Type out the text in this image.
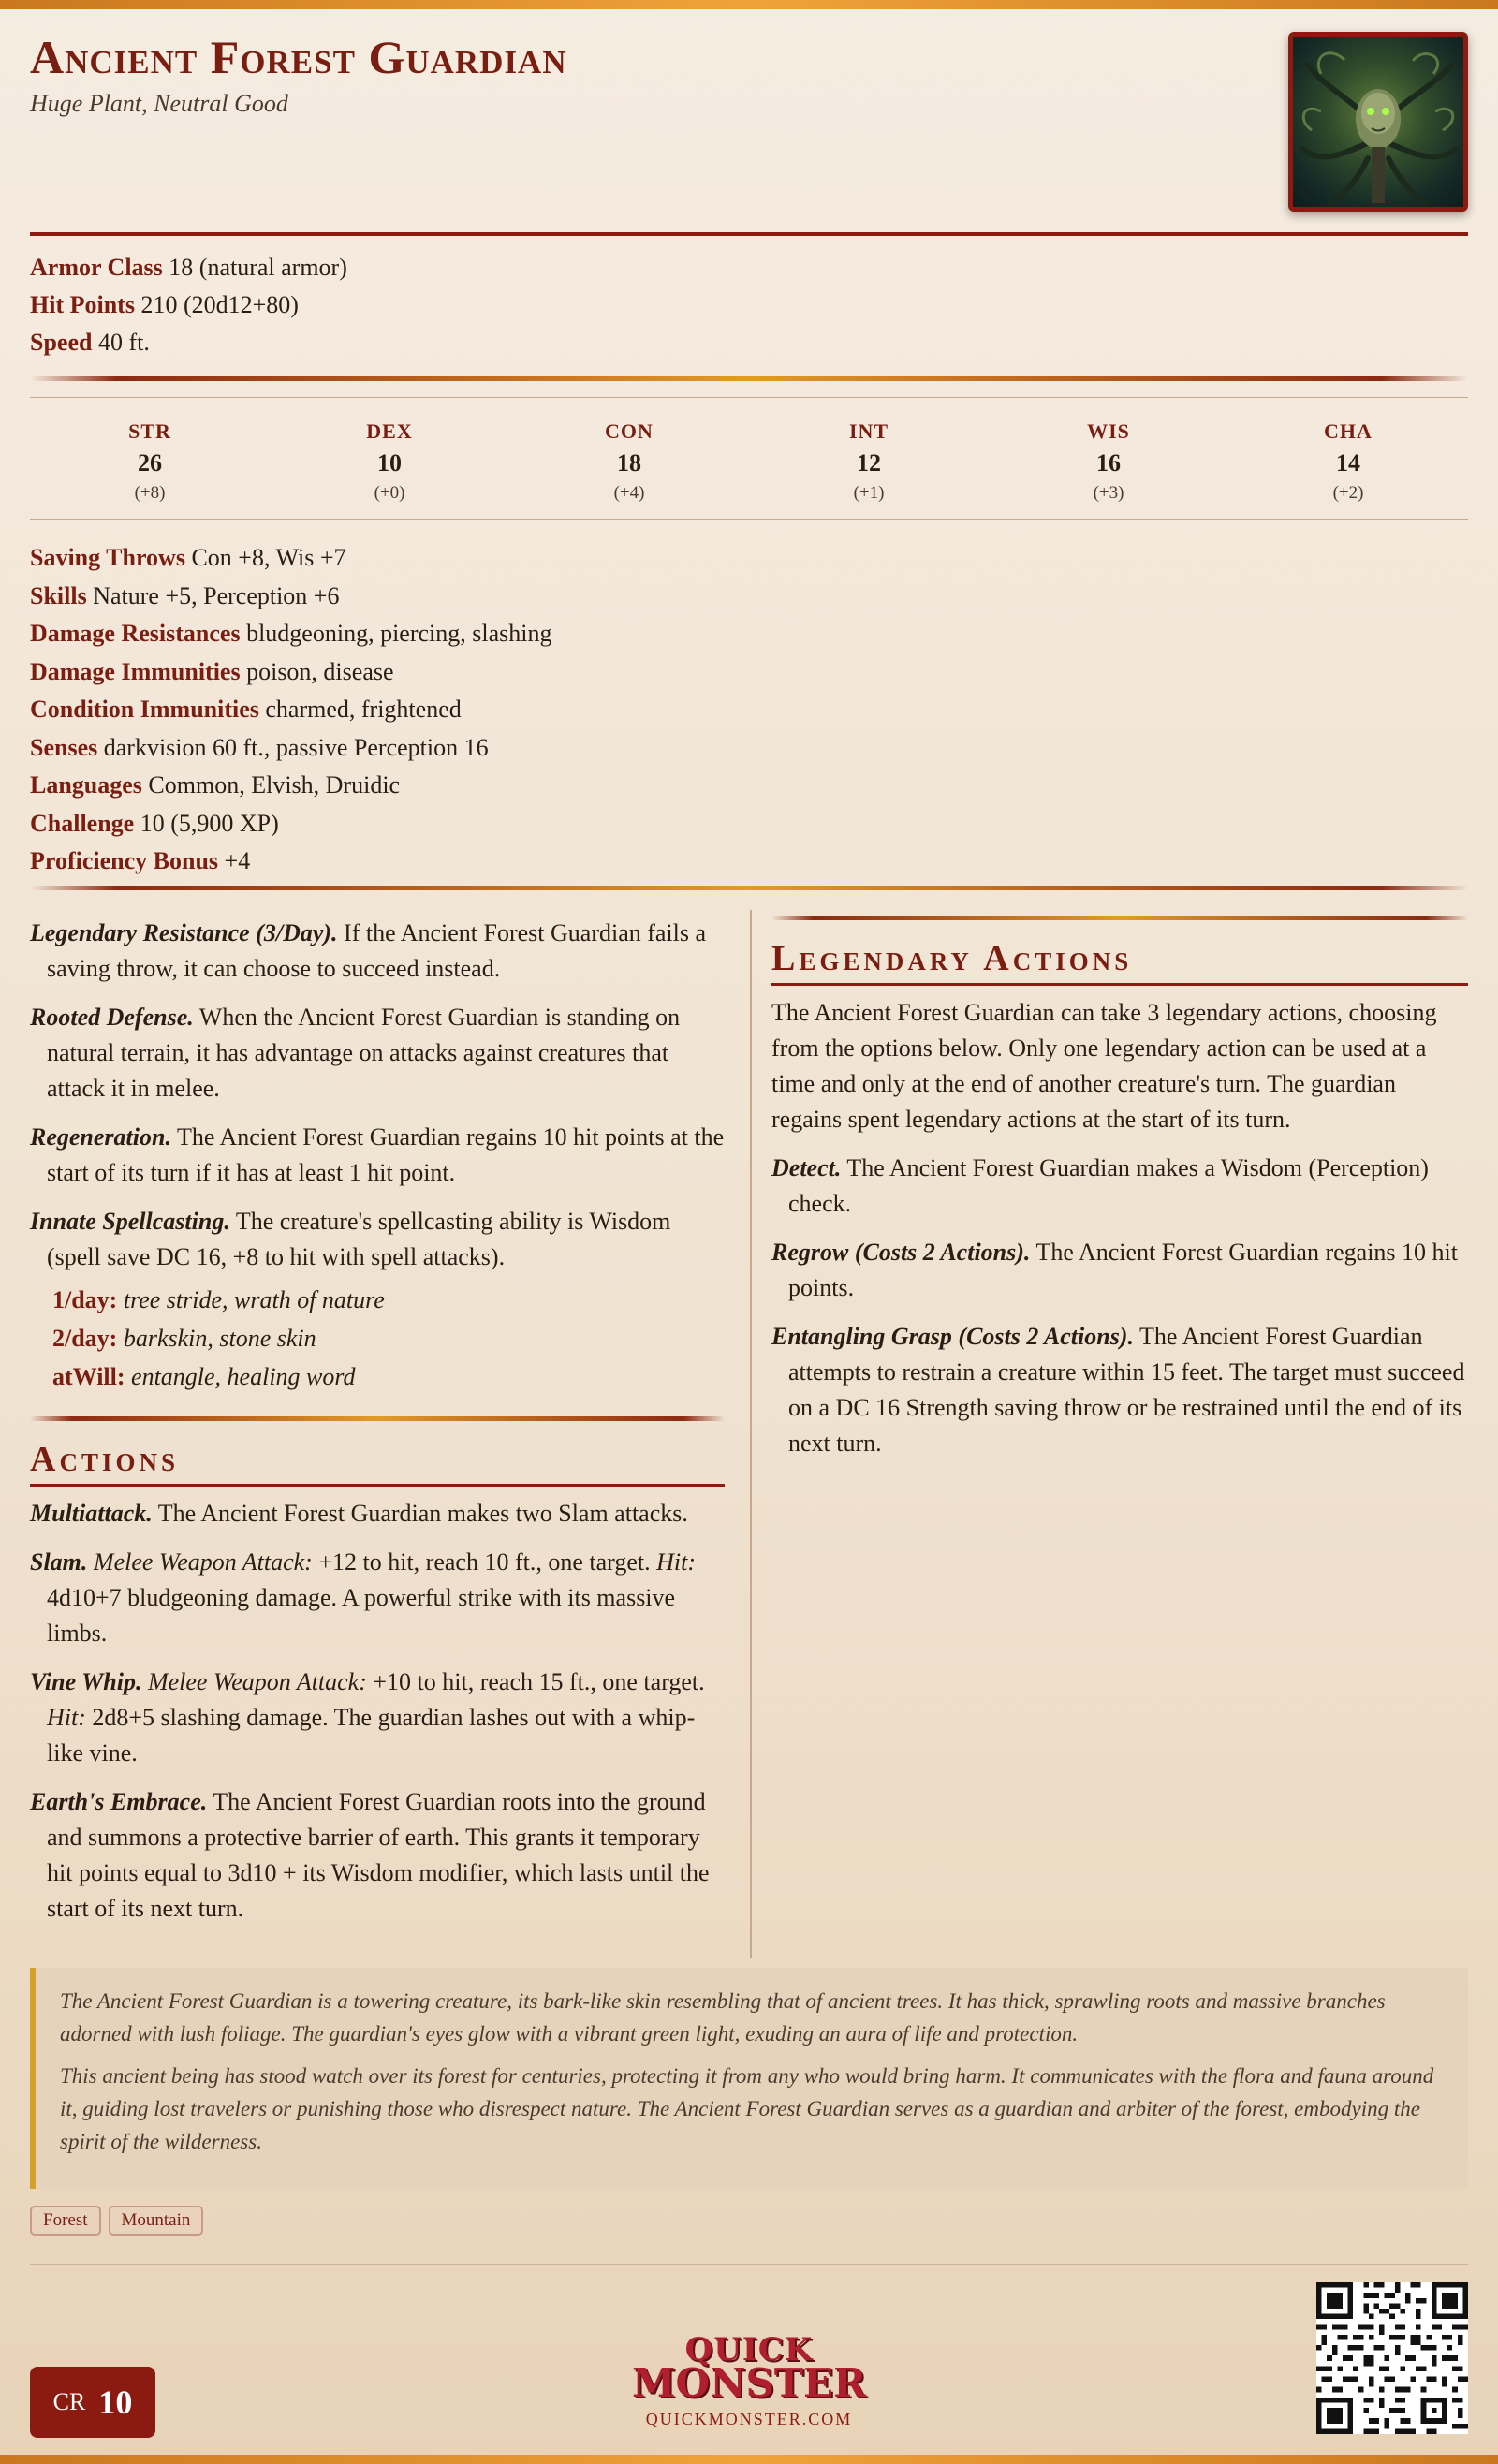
Ancient Forest Guardian
Huge Plant, Neutral Good
Armor Class 18 (natural armor)
Hit Points 210 (20d12+80)
Speed 40 ft.
STR
26
(+8)
DEX
10
(+0)
CON
18
(+4)
INT
12
(+1)
WIS
16
(+3)
CHA
14
(+2)
Saving Throws Con +8, Wis +7
Skills Nature +5, Perception +6
Damage Resistances bludgeoning, piercing, slashing
Damage Immunities poison, disease
Condition Immunities charmed, frightened
Senses darkvision 60 ft., passive Perception 16
Languages Common, Elvish, Druidic
Challenge 10 (5,900 XP)
Proficiency Bonus +4

Legendary Resistance (3/Day). If the Ancient Forest Guardian fails a saving throw, it can choose to succeed instead.

Rooted Defense. When the Ancient Forest Guardian is standing on natural terrain, it has advantage on attacks against creatures that attack it in melee.

Regeneration. The Ancient Forest Guardian regains 10 hit points at the start of its turn if it has at least 1 hit point.

Innate Spellcasting. The creature's spellcasting ability is Wisdom (spell save DC 16, +8 to hit with spell attacks).

1/day: tree stride, wrath of nature
2/day: barkskin, stone skin
atWill: entangle, healing word
Actions

Multiattack. The Ancient Forest Guardian makes two Slam attacks.

Slam. Melee Weapon Attack: +12 to hit, reach 10 ft., one target. Hit: 4d10+7 bludgeoning damage. A powerful strike with its massive limbs.

Vine Whip. Melee Weapon Attack: +10 to hit, reach 15 ft., one target. Hit: 2d8+5 slashing damage. The guardian lashes out with a whip-like vine.

Earth's Embrace. The Ancient Forest Guardian roots into the ground and summons a protective barrier of earth. This grants it temporary hit points equal to 3d10 + its Wisdom modifier, which lasts until the start of its next turn.

Legendary Actions

The Ancient Forest Guardian can take 3 legendary actions, choosing from the options below. Only one legendary action can be used at a time and only at the end of another creature's turn. The guardian regains spent legendary actions at the start of its turn.

Detect. The Ancient Forest Guardian makes a Wisdom (Perception) check.

Regrow (Costs 2 Actions). The Ancient Forest Guardian regains 10 hit points.

Entangling Grasp (Costs 2 Actions). The Ancient Forest Guardian attempts to restrain a creature within 15 feet. The target must succeed on a DC 16 Strength saving throw or be restrained until the end of its next turn.

The Ancient Forest Guardian is a towering creature, its bark-like skin resembling that of ancient trees. It has thick, sprawling roots and massive branches adorned with lush foliage. The guardian's eyes glow with a vibrant green light, exuding an aura of life and protection.

This ancient being has stood watch over its forest for centuries, protecting it from any who would bring harm. It communicates with the flora and fauna around it, guiding lost travelers or punishing those who disrespect nature. The Ancient Forest Guardian serves as a guardian and arbiter of the forest, embodying the spirit of the wilderness.

Forest Mountain
CR 10
QUICK
MONSTER
QUICKMONSTER.COM
